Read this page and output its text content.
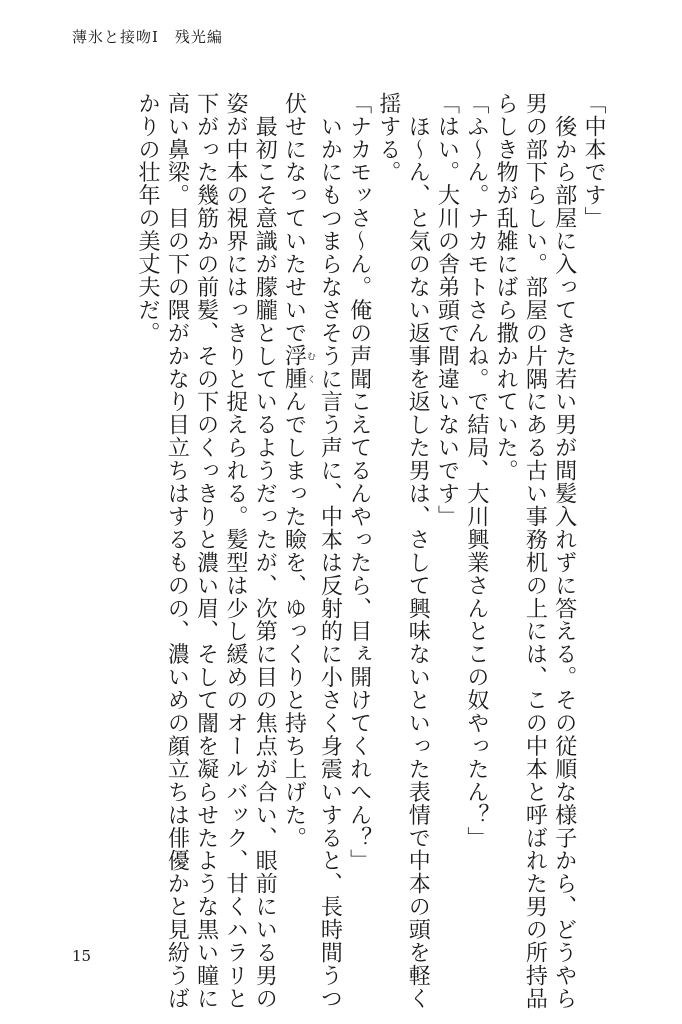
薄氷と接吻Ⅰ　残光編
「中本です」
　後から部屋に入ってきた若い男が間髪入れずに答える。その従順な様子から、どうやら
男の部下らしい。部屋の片隅にある古い事務机の上には、この中本と呼ばれた男の所持品
らしき物が乱雑にばら撒かれていた。
「ふ～ん。ナカモトさんね。で結局、大川興業さんとこの奴やったん？」
「はい。大川の舎弟頭で間違いないです」
　ほ～ん、と気のない返事を返した男は、さして興味ないといった表情で中本の頭を軽く
揺する。
「ナカモッさ～ん。俺の声聞こえてるんやったら、目ぇ開けてくれへん？」
　いかにもつまらなさそうに言う声に、中本は反射的に小さく身震いすると、長時間うつ
伏せになっていたせいで浮腫むくんでしまった瞼を、ゆっくりと持ち上げた。
　最初こそ意識が朦朧としているようだったが、次第に目の焦点が合い、眼前にいる男の
姿が中本の視界にはっきりと捉えられる。髪型は少し緩めのオールバック、甘くハラリと
下がった幾筋かの前髪、その下のくっきりと濃い眉、そして闇を凝らせたような黒い瞳に
高い鼻梁。目の下の隈がかなり目立ちはするものの、濃いめの顔立ちは俳優かと見紛うば
かりの壮年の美丈夫だ。
15
